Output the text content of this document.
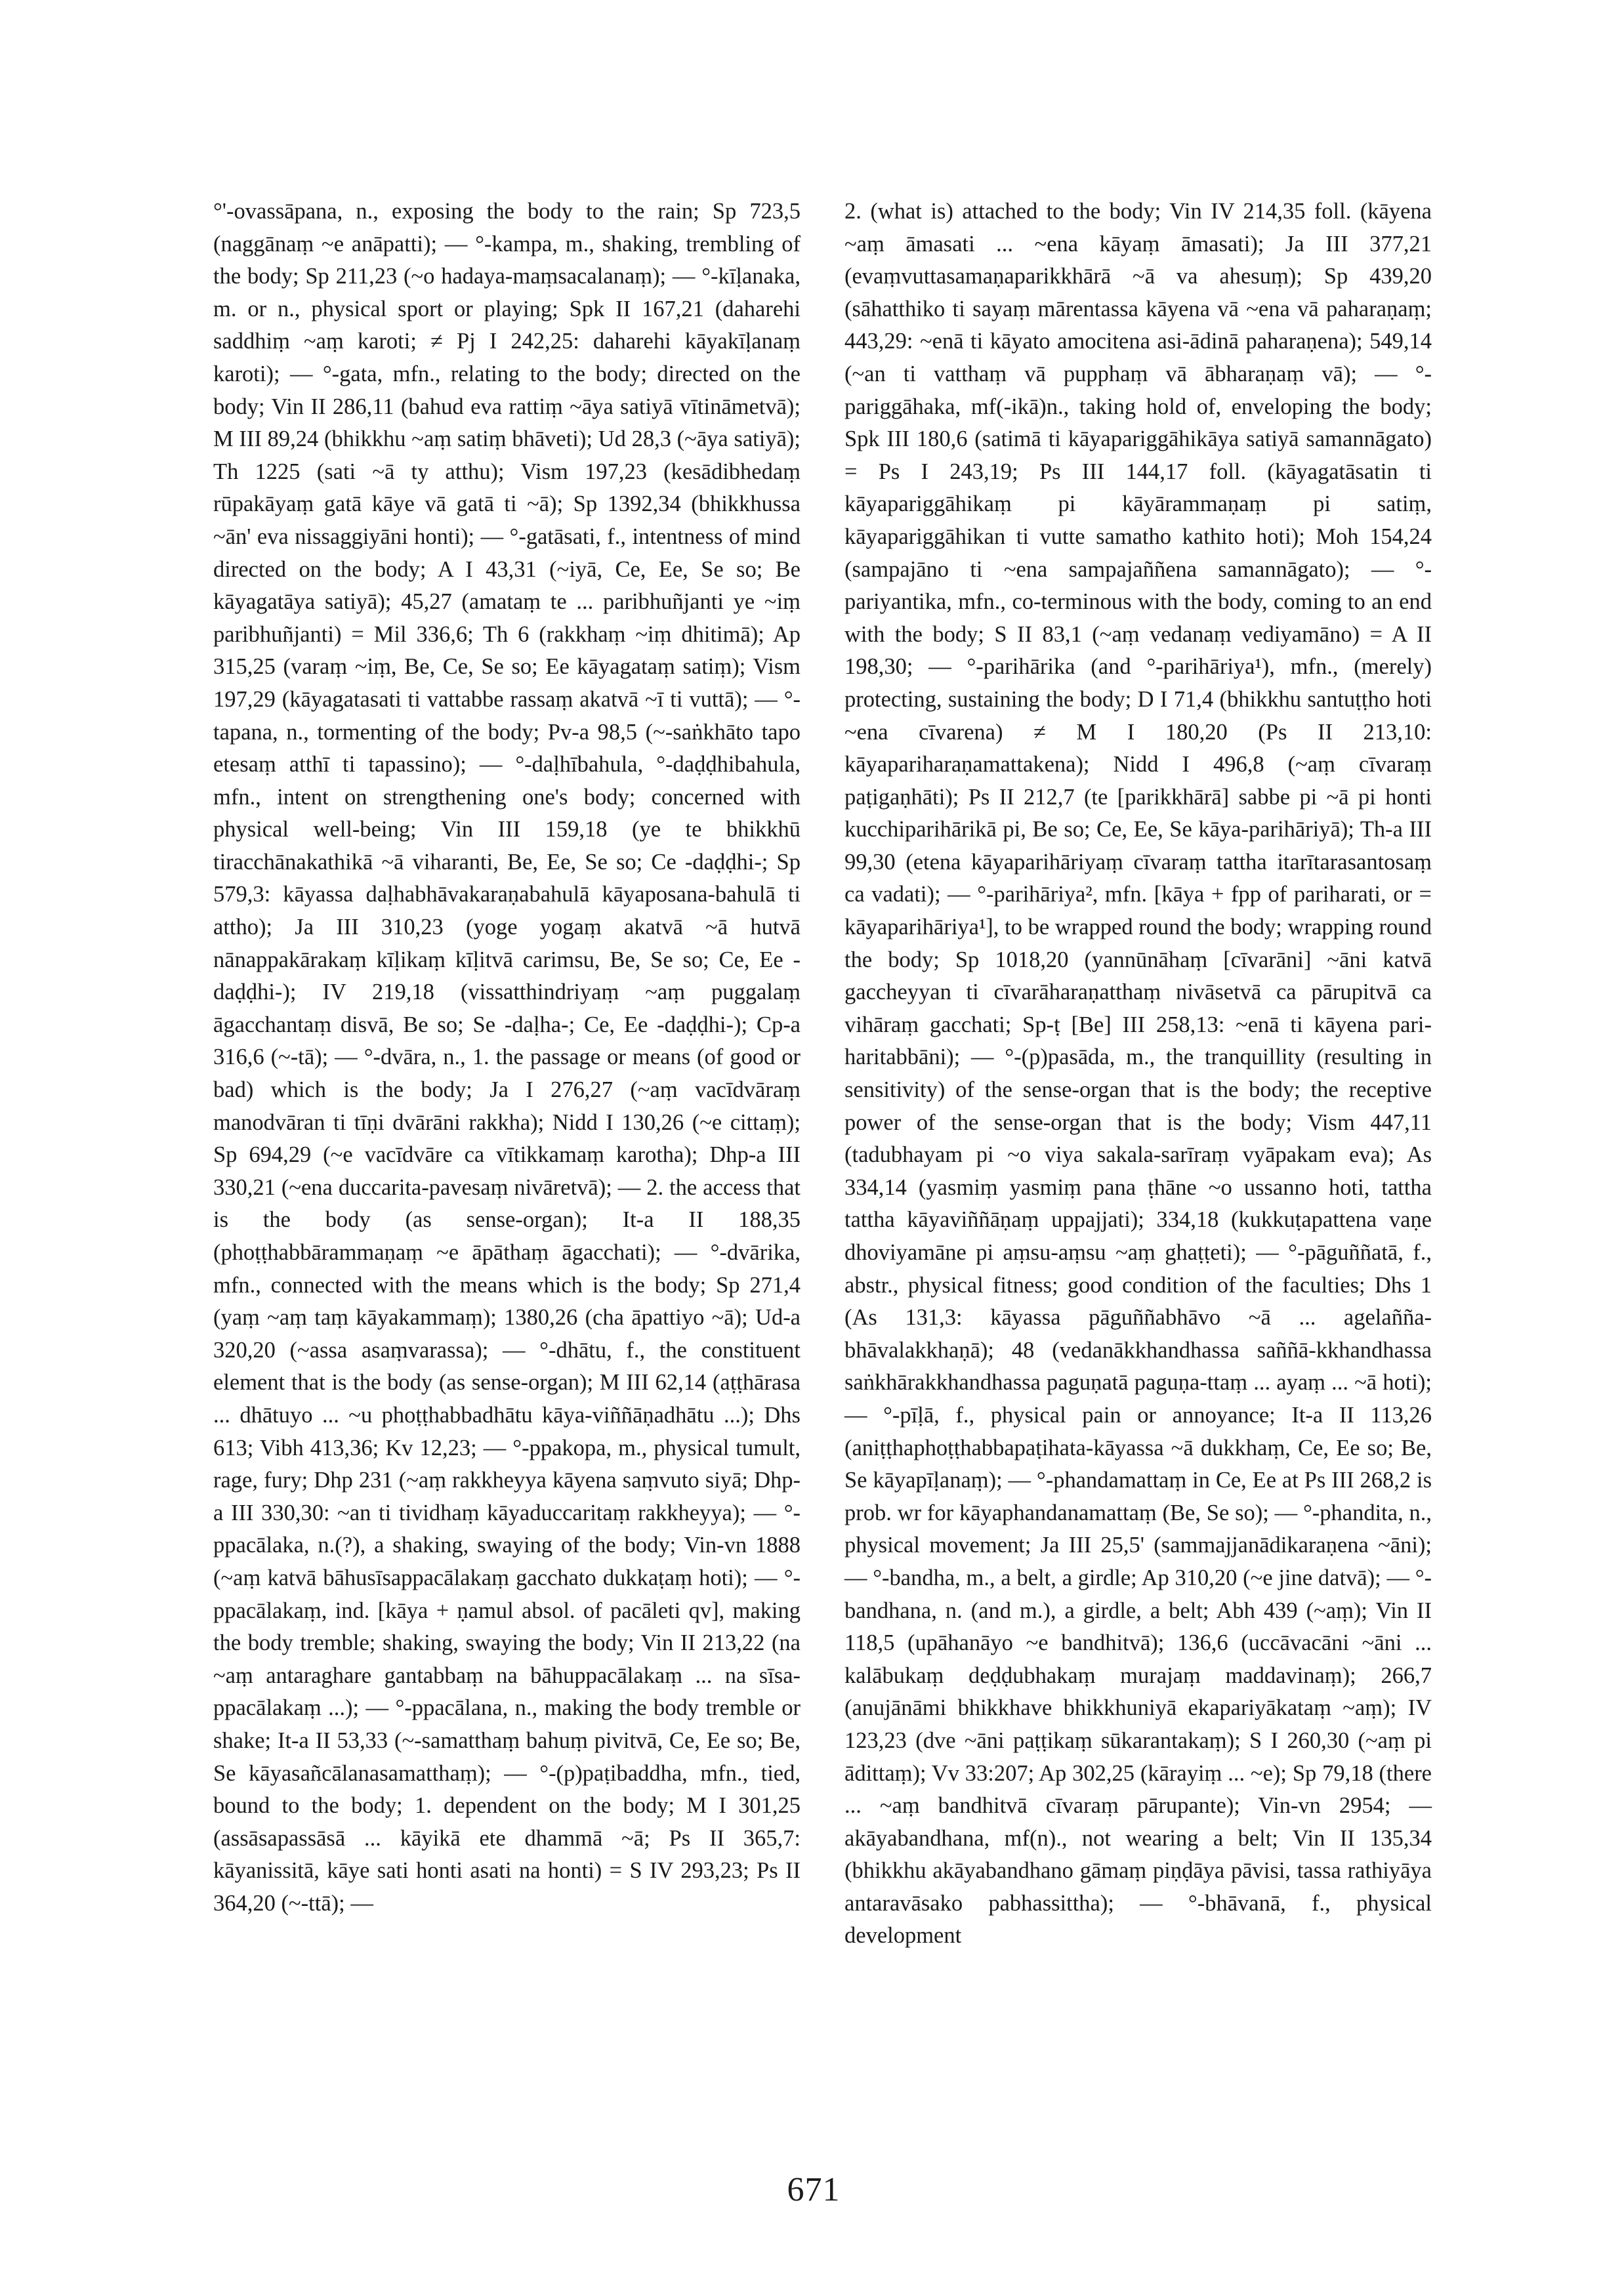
°'-ovassāpana, n., exposing the body to the rain; Sp 723,5 (naggānaṃ ~e anāpatti); — °-kampa, m., shaking, trembling of the body; Sp 211,23 (~o hadaya-maṃsacalanaṃ); — °-kīḷanaka, m. or n., physical sport or playing; Spk II 167,21 (daharehi saddhiṃ ~aṃ karoti; ≠ Pj I 242,25: daharehi kāyakīḷanaṃ karoti); — °-gata, mfn., relating to the body; directed on the body; Vin II 286,11 (bahud eva rattiṃ ~āya satiyā vītināmetvā); M III 89,24 (bhikkhu ~aṃ satiṃ bhāveti); Ud 28,3 (~āya satiyā); Th 1225 (sati ~ā ty atthu); Vism 197,23 (kesādibhedaṃ rūpakāyaṃ gatā kāye vā gatā ti ~ā); Sp 1392,34 (bhikkhussa ~ān' eva nissaggiyāni honti); — °-gatāsati, f., intentness of mind directed on the body; A I 43,31 (~iyā, Ce, Ee, Se so; Be kāyagatāya satiyā); 45,27 (amataṃ te ... paribhuñjanti ye ~iṃ paribhuñjanti) = Mil 336,6; Th 6 (rakkhaṃ ~iṃ dhitimā); Ap 315,25 (varaṃ ~iṃ, Be, Ce, Se so; Ee kāyagataṃ satiṃ); Vism 197,29 (kāyagatasati ti vattabbe rassaṃ akatvā ~ī ti vuttā); — °-tapana, n., tormenting of the body; Pv-a 98,5 (~-saṅkhāto tapo etesaṃ atthī ti tapassino); — °-daḷhībahula, °-daḍḍhibahula, mfn., intent on strengthening one's body; concerned with physical well-being; Vin III 159,18 (ye te bhikkhū tiracchānakathikā ~ā viharanti, Be, Ee, Se so; Ce -daḍḍhi-; Sp 579,3: kāyassa daḷhabhāvakaraṇabahulā kāyaposana-bahulā ti attho); Ja III 310,23 (yoge yogaṃ akatvā ~ā hutvā nānappakārakaṃ kīḷikaṃ kīḷitvā carimsu, Be, Se so; Ce, Ee -daḍḍhi-); IV 219,18 (vissatthindriyaṃ ~aṃ puggalaṃ āgacchantaṃ disvā, Be so; Se -daḷha-; Ce, Ee -daḍḍhi-); Cp-a 316,6 (~-tā); — °-dvāra, n., 1. the passage or means (of good or bad) which is the body; Ja I 276,27 (~aṃ vacīdvāraṃ manodvāran ti tīṇi dvārāni rakkha); Nidd I 130,26 (~e cittaṃ); Sp 694,29 (~e vacīdvāre ca vītikkamaṃ karotha); Dhp-a III 330,21 (~ena duccarita-pavesaṃ nivāretvā); — 2. the access that is the body (as sense-organ); It-a II 188,35 (phoṭṭhabbārammaṇaṃ ~e āpāthaṃ āgacchati); — °-dvārika, mfn., connected with the means which is the body; Sp 271,4 (yaṃ ~aṃ taṃ kāyakammaṃ); 1380,26 (cha āpattiyo ~ā); Ud-a 320,20 (~assa asaṃvarassa); — °-dhātu, f., the constituent element that is the body (as sense-organ); M III 62,14 (aṭṭhārasa ... dhātuyo ... ~u phoṭṭhabbadhātu kāya-viññāṇadhātu ...); Dhs 613; Vibh 413,36; Kv 12,23; — °-ppakopa, m., physical tumult, rage, fury; Dhp 231 (~aṃ rakkheyya kāyena saṃvuto siyā; Dhp-a III 330,30: ~an ti tividhaṃ kāyaduccaritaṃ rakkheyya); — °-ppacālaka, n.(?), a shaking, swaying of the body; Vin-vn 1888 (~aṃ katvā bāhusīsappacālakaṃ gacchato dukkaṭaṃ hoti); — °-ppacālakaṃ, ind. [kāya + ṇamul absol. of pacāleti qv], making the body tremble; shaking, swaying the body; Vin II 213,22 (na ~aṃ antaraghare gantabbaṃ na bāhuppacālakaṃ ... na sīsa-ppacālakaṃ ...); — °-ppacālana, n., making the body tremble or shake; It-a II 53,33 (~-samatthaṃ bahuṃ pivitvā, Ce, Ee so; Be, Se kāyasañcālanasamatthaṃ); — °-(p)paṭibaddha, mfn., tied, bound to the body; 1. dependent on the body; M I 301,25 (assāsapassāsā ... kāyikā ete dhammā ~ā; Ps II 365,7: kāyanissitā, kāye sati honti asati na honti) = S IV 293,23; Ps II 364,20 (~-ttā); —

2. (what is) attached to the body; Vin IV 214,35 foll. (kāyena ~aṃ āmasati ... ~ena kāyaṃ āmasati); Ja III 377,21 (evaṃvuttasamaṇaparikkhārā ~ā va ahesuṃ); Sp 439,20 (sāhatthiko ti sayaṃ mārentassa kāyena vā ~ena vā paharaṇaṃ; 443,29: ~enā ti kāyato amocitena asi-ādinā paharaṇena); 549,14 (~an ti vatthaṃ vā pupphaṃ vā ābharaṇaṃ vā); — °-pariggāhaka, mf(-ikā)n., taking hold of, enveloping the body; Spk III 180,6 (satimā ti kāyapariggāhikāya satiyā samannāgato) = Ps I 243,19; Ps III 144,17 foll. (kāyagatāsatin ti kāyapariggāhikaṃ pi kāyārammaṇaṃ pi satiṃ, kāyapariggāhikan ti vutte samatho kathito hoti); Moh 154,24 (sampajāno ti ~ena sampajaññena samannāgato); — °-pariyantika, mfn., co-terminous with the body, coming to an end with the body; S II 83,1 (~aṃ vedanaṃ vediyamāno) = A II 198,30; — °-parihārika (and °-parihāriya¹), mfn., (merely) protecting, sustaining the body; D I 71,4 (bhikkhu santuṭṭho hoti ~ena cīvarena) ≠ M I 180,20 (Ps II 213,10: kāyapariharaṇamattakena); Nidd I 496,8 (~aṃ cīvaraṃ paṭigaṇhāti); Ps II 212,7 (te [parikkhārā] sabbe pi ~ā pi honti kucchiparihārikā pi, Be so; Ce, Ee, Se kāya-parihāriyā); Th-a III 99,30 (etena kāyaparihāriyaṃ cīvaraṃ tattha itarītarasantosaṃ ca vadati); — °-parihāriya², mfn. [kāya + fpp of pariharati, or = kāyaparihāriya¹], to be wrapped round the body; wrapping round the body; Sp 1018,20 (yannūnāhaṃ [cīvarāni] ~āni katvā gaccheyyan ti cīvarāharaṇatthaṃ nivāsetvā ca pārupitvā ca vihāraṃ gacchati; Sp-ṭ [Be] III 258,13: ~enā ti kāyena pari-haritabbāni); — °-(p)pasāda, m., the tranquillity (resulting in sensitivity) of the sense-organ that is the body; the receptive power of the sense-organ that is the body; Vism 447,11 (tadubhayam pi ~o viya sakala-sarīraṃ vyāpakam eva); As 334,14 (yasmiṃ yasmiṃ pana ṭhāne ~o ussanno hoti, tattha tattha kāyaviññāṇaṃ uppajjati); 334,18 (kukkuṭapattena vaṇe dhoviyamāne pi aṃsu-aṃsu ~aṃ ghaṭṭeti); — °-pāguññatā, f., abstr., physical fitness; good condition of the faculties; Dhs 1 (As 131,3: kāyassa pāguññabhāvo ~ā ... agelañña-bhāvalakkhaṇā); 48 (vedanākkhandhassa saññā-kkhandhassa saṅkhārakkhandhassa paguṇatā paguṇa-ttaṃ ... ayaṃ ... ~ā hoti); — °-pīḷā, f., physical pain or annoyance; It-a II 113,26 (aniṭṭhaphoṭṭhabbapaṭihata-kāyassa ~ā dukkhaṃ, Ce, Ee so; Be, Se kāyapīḷanaṃ); — °-phandamattaṃ in Ce, Ee at Ps III 268,2 is prob. wr for kāyaphandanamattaṃ (Be, Se so); — °-phandita, n., physical movement; Ja III 25,5' (sammajjanādikaraṇena ~āni); — °-bandha, m., a belt, a girdle; Ap 310,20 (~e jine datvā); — °-bandhana, n. (and m.), a girdle, a belt; Abh 439 (~aṃ); Vin II 118,5 (upāhanāyo ~e bandhitvā); 136,6 (uccāvacāni ~āni ... kalābukaṃ deḍḍubhakaṃ murajaṃ maddavinaṃ); 266,7 (anujānāmi bhikkhave bhikkhuniyā ekapariyākataṃ ~aṃ); IV 123,23 (dve ~āni paṭṭikaṃ sūkarantakaṃ); S I 260,30 (~aṃ pi ādittaṃ); Vv 33:207; Ap 302,25 (kārayiṃ ... ~e); Sp 79,18 (there ... ~aṃ bandhitvā cīvaraṃ pārupante); Vin-vn 2954; — akāyabandhana, mf(n)., not wearing a belt; Vin II 135,34 (bhikkhu akāyabandhano gāmaṃ piṇḍāya pāvisi, tassa rathiyāya antaravāsako pabhassittha); — °-bhāvanā, f., physical development

671
